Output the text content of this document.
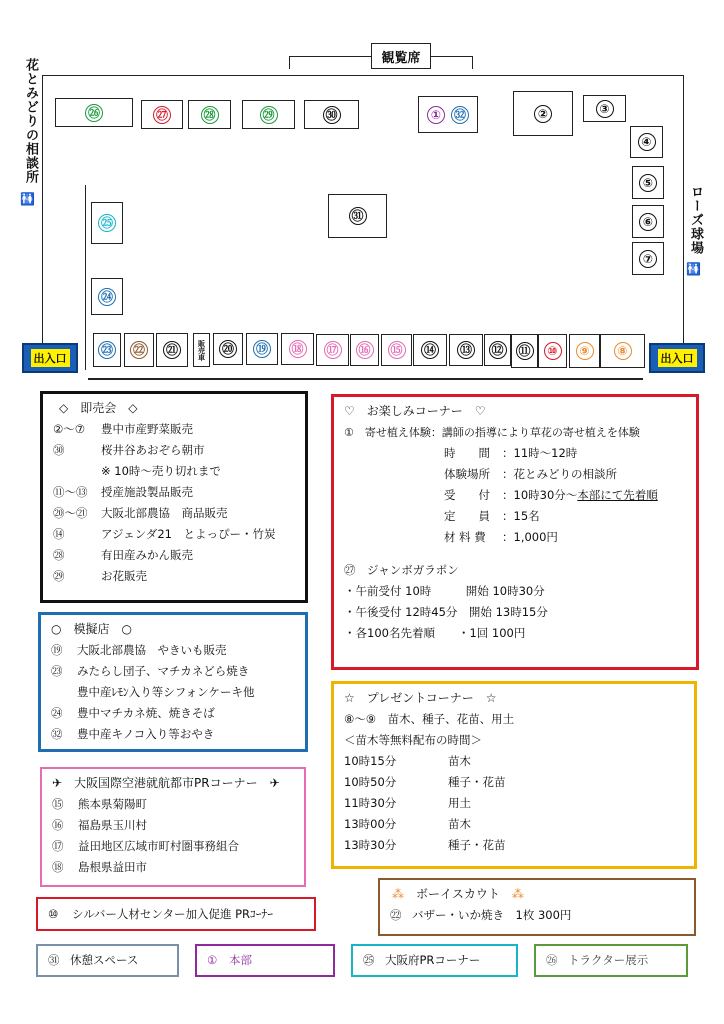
観覧席
花とみどりの相談所
🚻	ローズ球場
🚻
出入口	出入口
㉖	㉗	㉘	㉙	㉚	①	㉜	②	③
④
⑤
⑥
⑦
㉛
㉕
㉔
㉓ ㉒ ㉑	販売車 ⑳ ⑲ ⑱ ⑰ ⑯ ⑮ ⑭ ⑬ ⑫ ⑪	⑩	⑨	⑧
◇　即売会　◇
②～⑦	豊中市産野菜販売
㉚	桜井谷あおぞら朝市
※ 10時～売り切れまで
⑪～⑬	授産施設製品販売
⑳～㉑	大阪北部農協　商品販売
⑭	アジェンダ21　とよっぴー・竹炭
㉘	有田産みかん販売
㉙	お花販売
○　模擬店　○
⑲	大阪北部農協　やきいも販売
㉓	みたらし団子、マチカネどら焼き
豊中産ﾚﾓﾝ入り等シフォンケーキ他
㉔	豊中マチカネ焼、焼きそば
㉜	豊中産キノコ入り等おやき
✈　大阪国際空港就航都市PRコーナー　✈
⑮	熊本県菊陽町
⑯	福島県玉川村
⑰	益田地区広域市町村圏事務組合
⑱	島根県益田市
⑩	シルバー人材センター加入促進 PRｺｰﾅｰ
♡　お楽しみコーナー　♡
①　寄せ植え体験：講師の指導により草花の寄せ植えを体験
時　　間	：11時～12時
体験場所	：花とみどりの相談所
受　　付	：10時30分～ 本部にて先着順
定　　員	：15名
材 料 費	：1,000円
㉗　ジャンボガラポン
・午前受付 10時　　　開始 10時30分
・午後受付 12時45分　開始 13時15分
・各100名先着順　　・1回 100円
☆　プレゼントコーナー　☆
⑧～⑨　苗木、種子、花苗、用土
＜苗木等無料配布の時間＞
10時15分	苗木
10時50分	種子・花苗
11時30分	用土
13時00分	苗木
13時30分	種子・花苗
⁂　 ボーイスカウト　 ⁂
㉒ バザー・いか焼き　1枚 300円
㉛ 休憩スペース	①	本部	㉕ 大阪府PRコーナー	㉖ トラクター展示
